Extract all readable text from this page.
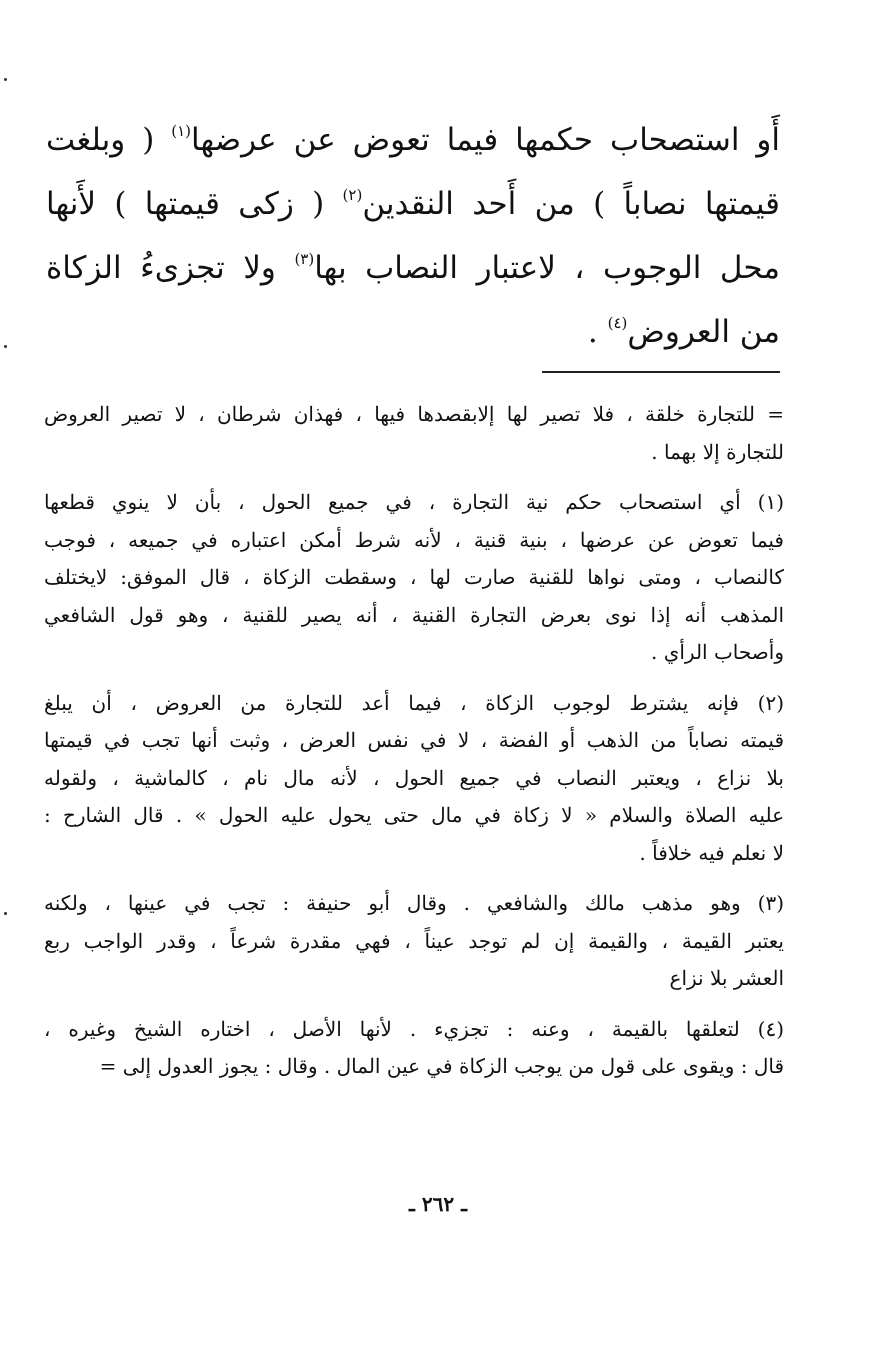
أَو استصحاب حكمها فيما تعوض عن عرضها$^{(١)}$ ( وبلغت
قيمتها نصاباً ) من أَحد النقدين$^{(٢)}$ ( زكى قيمتها ) لأَنها
محل الوجوب ، لاعتبار النصاب بها$^{(٣)}$ ولا تجزىءُ الزكاة
من العروض$^{(٤)}$ .
= للتجارة خلقة ، فلا تصير لها إلابقصدها فيها ، فهذان شرطان ، لا تصير العروض
للتجارة إلا بهما .
(١) أي استصحاب حكم نية التجارة ، في جميع الحول ، بأن لا ينوي قطعها
فيما تعوض عن عرضها ، بنية قنية ، لأنه شرط أمكن اعتباره في جميعه ، فوجب
كالنصاب ، ومتى نواها للقنية صارت لها ، وسقطت الزكاة ، قال الموفق: لايختلف
المذهب أنه إذا نوى بعرض التجارة القنية ، أنه يصير للقنية ، وهو قول الشافعي
وأصحاب الرأي .
(٢) فإنه يشترط لوجوب الزكاة ، فيما أعد للتجارة من العروض ، أن يبلغ
قيمته نصاباً من الذهب أو الفضة ، لا في نفس العرض ، وثبت أنها تجب في قيمتها
بلا نزاع ، ويعتبر النصاب في جميع الحول ، لأنه مال نام ، كالماشية ، ولقوله
عليه الصلاة والسلام « لا زكاة في مال حتى يحول عليه الحول » . قال الشارح :
لا نعلم فيه خلافاً .
(٣) وهو مذهب مالك والشافعي . وقال أبو حنيفة : تجب في عينها ، ولكنه
يعتبر القيمة ، والقيمة إن لم توجد عيناً ، فهي مقدرة شرعاً ، وقدر الواجب ربع
العشر بلا نزاع
(٤) لتعلقها بالقيمة ، وعنه : تجزيء . لأنها الأصل ، اختاره الشيخ وغيره ،
قال : ويقوى على قول من يوجب الزكاة في عين المال . وقال : يجوز العدول إلى =
ـ ٢٦٢ ـ
